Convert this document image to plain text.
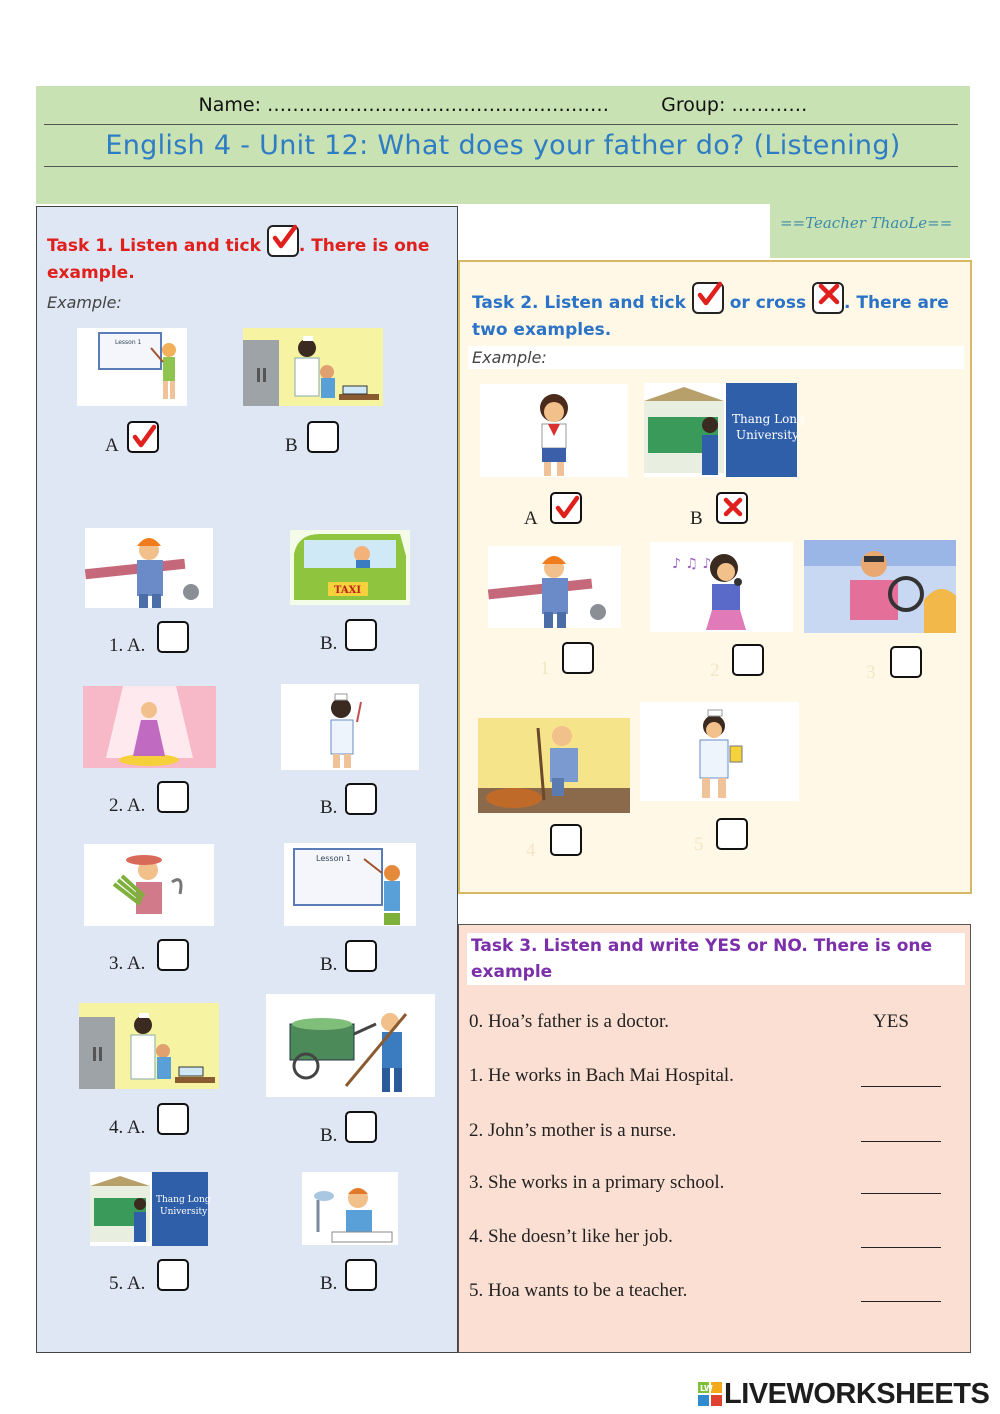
Name: ………………………………………………	Group: …………
English 4 - Unit 12: What does your father do? (Listening)
==Teacher ThaoLe==
Task 1. Listen and tick . There is one example.
Example:
Lesson 1
A	B
TAXI
1. A.	B.
2. A.	B.
Lesson 1
3. A.	B.
4. A.	B.
Thang Long
University
5. A.	B.
Task 2. Listen and tick	or cross . There are two examples.
Example:
Thang Long
University
A	B
♪ ♫ ♪
1	2	3
4	5
Task 3. Listen and write YES or NO. There is one example
0. Hoa’s father is a doctor.	YES
1. He works in Bach Mai Hospital.
2. John’s mother is a nurse.
3. She works in a primary school.
4. She doesn’t like her job.
5. Hoa wants to be a teacher.
LW LIVEWORKSHEETS
